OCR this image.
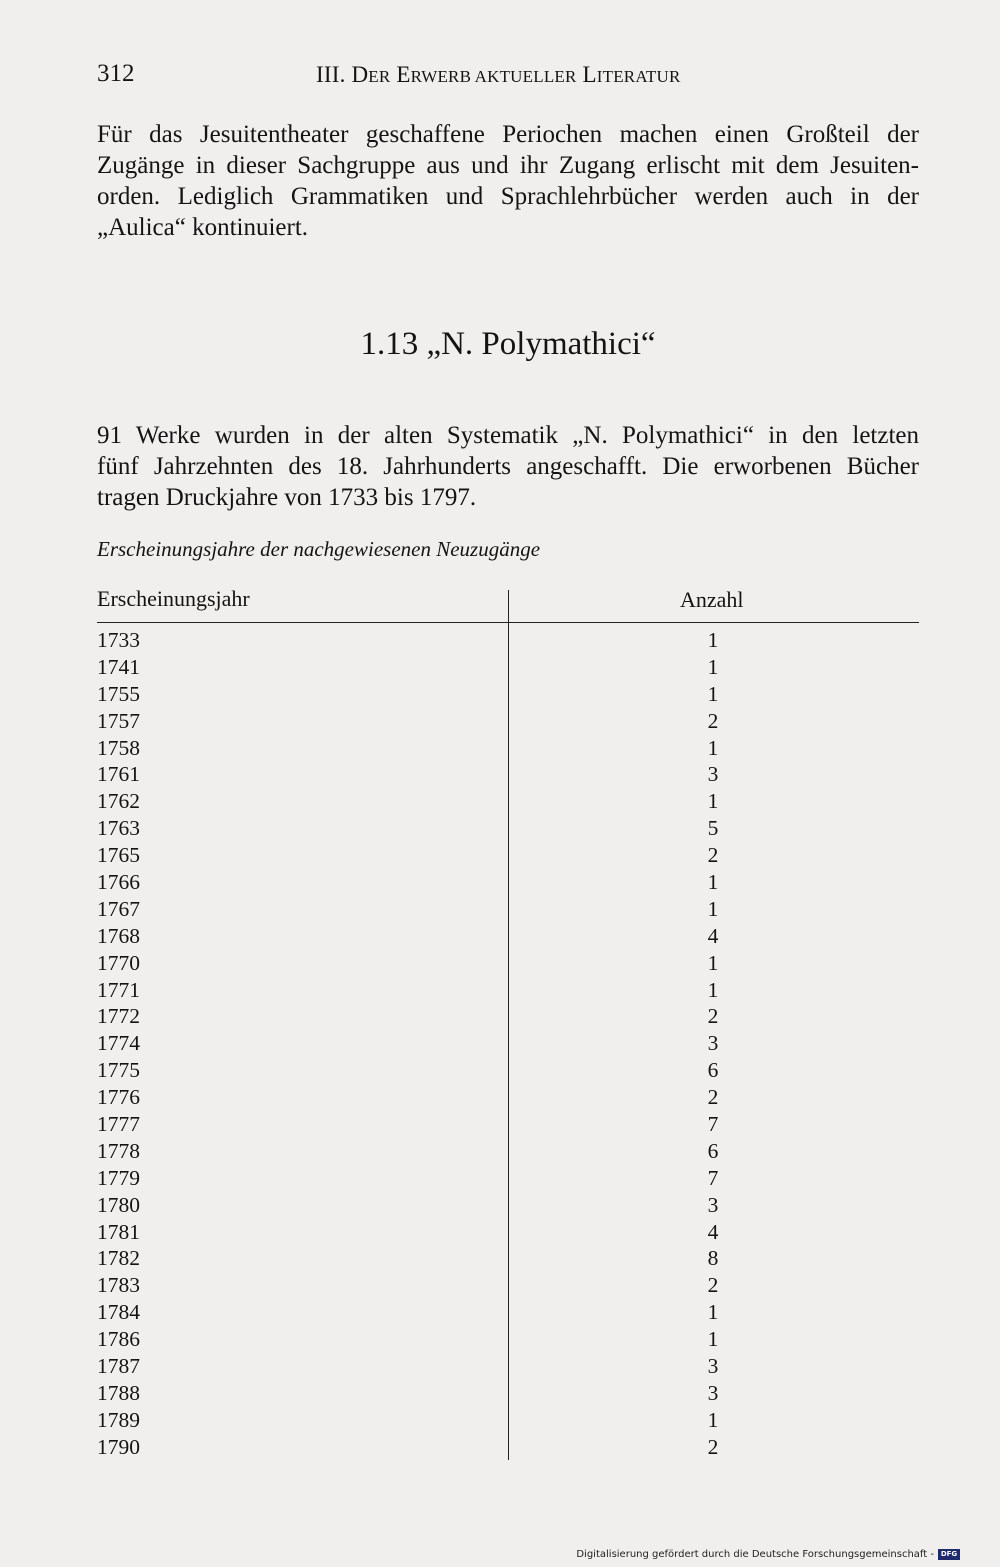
312	III. DER ERWERB AKTUELLER LITERATUR

Für das Jesuitentheater geschaffene Periochen machen einen Großteil der
Zugänge in dieser Sachgruppe aus und ihr Zugang erlischt mit dem Jesuiten-
orden. Lediglich Grammatiken und Sprachlehrbücher werden auch in der
„Aulica“ kontinuiert.

1.13 „N. Polymathici“

91 Werke wurden in der alten Systematik „N. Polymathici“ in den letzten
fünf Jahrzehnten des 18. Jahrhunderts angeschafft. Die erworbenen Bücher
tragen Druckjahre von 1733 bis 1797.

Erscheinungsjahre der nachgewiesenen Neuzugänge

Erscheinungsjahr	Anzahl
1733	1
1741	1
1755	1
1757	2
1758	1
1761	3
1762	1
1763	5
1765	2
1766	1
1767	1
1768	4
1770	1
1771	1
1772	2
1774	3
1775	6
1776	2
1777	7
1778	6
1779	7
1780	3
1781	4
1782	8
1783	2
1784	1
1786	1
1787	3
1788	3
1789	1
1790	2
Digitalisierung gefördert durch die Deutsche Forschungsgemeinschaft - DFG
